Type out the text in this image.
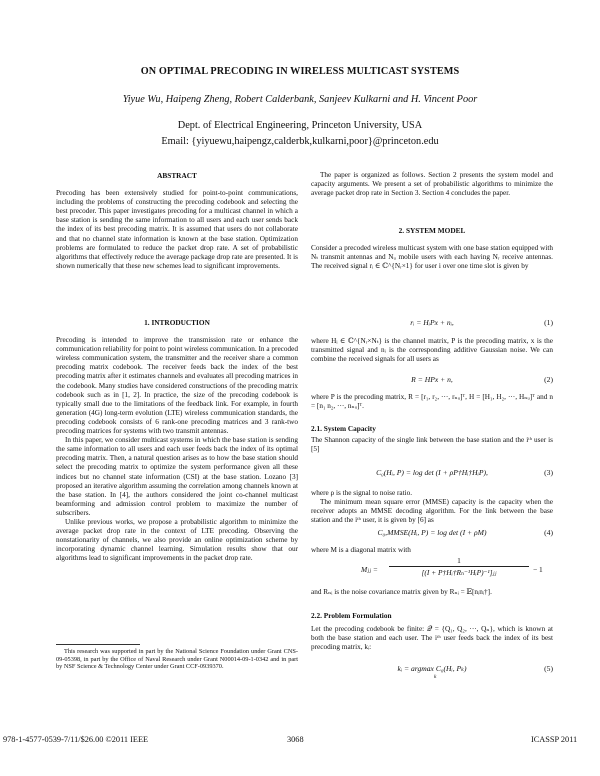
ON OPTIMAL PRECODING IN WIRELESS MULTICAST SYSTEMS
Yiyue Wu, Haipeng Zheng, Robert Calderbank, Sanjeev Kulkarni and H. Vincent Poor
Dept. of Electrical Engineering, Princeton University, USA
Email: {yiyuewu,haipengz,calderbk,kulkarni,poor}@princeton.edu
ABSTRACT

Precoding has been extensively studied for point-to-point communications, including the problems of constructing the precoding codebook and selecting the best precoder. This paper investigates precoding for a multicast channel in which a base station is sending the same information to all users and each user sends back the index of its best precoding matrix. It is assumed that users do not collaborate and that no channel state information is known at the base station. Optimization problems are formulated to reduce the packet drop rate. A set of probabilistic algorithms that effectively reduce the average package drop rate are presented. It is shown numerically that these new schemes lead to significant improvements.

1. INTRODUCTION

Precoding is intended to improve the transmission rate or enhance the communication reliability for point to point wireless communication. In a precoded wireless communication system, the transmitter and the receiver share a common precoding matrix codebook. The receiver feeds back the index of the best precoding matrix after it estimates channels and evaluates all precoding matrices in the codebook. Many studies have considered constructions of the precoding matrix codebook such as in [1, 2]. In practice, the size of the precoding codebook is typically small due to the limitations of the feedback link. For example, in fourth generation (4G) long-term evolution (LTE) wireless communication standards, the precoding codebook consists of 6 rank-one precoding matrices and 3 rank-two precoding matrices for systems with two transmit antennas.

In this paper, we consider multicast systems in which the base station is sending the same information to all users and each user feeds back the index of its optimal precoding matrix. Then, a natural question arises as to how the base station should select the precoding matrix to optimize the system performance given all these indices but no channel state information (CSI) at the base station. Lozano [3] proposed an iterative algorithm assuming the correlation among channels known at the base station. In [4], the authors considered the joint co-channel multicast beamforming and admission control problem to maximize the number of subscribers.

Unlike previous works, we propose a probabilistic algorithm to minimize the average packet drop rate in the context of LTE precoding. Observing the nonstationarity of channels, we also provide an online optimization scheme by incorporating dynamic channel learning. Simulation results show that our algorithms lead to significant improvements in the packet drop rate.

This research was supported in part by the National Science Foundation under Grant CNS-09-05398, in part by the Office of Naval Research under Grant N00014-09-1-0342 and in part by NSF Science & Technology Center under Grant CCF-0939370.

The paper is organized as follows. Section 2 presents the system model and capacity arguments. We present a set of probabilistic algorithms to minimize the average packet drop rate in Section 3. Section 4 concludes the paper.

2. SYSTEM MODEL

Consider a precoded wireless multicast system with one base station equipped with Nₜ transmit antennas and Nᵤ mobile users with each having Nᵣ receive antennas. The received signal rᵢ ∈ ℂ^{Nᵣ×1} for user i over one time slot is given by

rᵢ = HᵢPx + nᵢ,	(1)

where Hᵢ ∈ ℂ^{Nᵣ×Nₜ} is the channel matrix, P is the precoding matrix, x is the transmitted signal and nᵢ is the corresponding additive Gaussian noise. We can combine the received signals for all users as

R = HPx + n,	(2)

where P is the precoding matrix, R = [r₁, r₂, ···, rₙᵤ]ᵀ, H = [H₁, H₂, ···, Hₙᵤ]ᵀ and n = [n₁ n₂, ···, nₙᵤ]ᵀ.

2.1. System Capacity

The Shannon capacity of the single link between the base station and the iᵗʰ user is [5]

C₀(Hᵢ, P) = log det (I + ρP†Hᵢ†HᵢP),	(3)

where ρ is the signal to noise ratio.

The minimum mean square error (MMSE) capacity is the capacity when the receiver adopts an MMSE decoding algorithm. For the link between the base station and the iᵗʰ user, it is given by [6] as

C₀,MMSE(Hᵢ, P) = log det (I + ρM)	(4)

where M is a diagonal matrix with

Mⱼⱼ =
1
[(I + P†Hᵢ†Rₙ⁻¹HᵢP)⁻¹]ⱼⱼ	− 1

and Rₙᵢ is the noise covariance matrix given by Rₙᵢ = 𝔼[nᵢnᵢ†].

2.2. Problem Formulation

Let the precoding codebook be finite: 𝒬 = {Q₁, Q₂, ···, Qₙ}, which is known at both the base station and each user. The iᵗʰ user feeds back the index of its best precoding matrix, kᵢ:

kᵢ = argmax C₀(Hᵢ, Pₖ)
k
(5)
978-1-4577-0539-7/11/$26.00 ©2011 IEEE	3068	ICASSP 2011
